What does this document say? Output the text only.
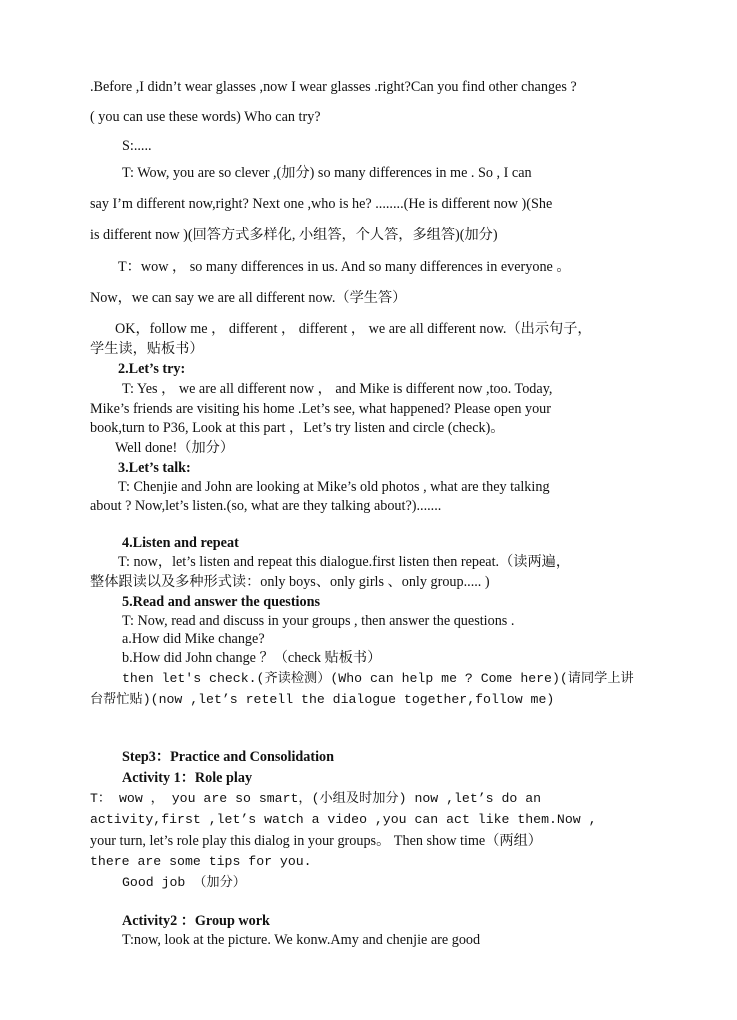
.Before ,I didn’t wear glasses ,now I wear glasses .right?Can you find other changes ?
( you can use these words) Who can try?
S:.....
T: Wow, you are so clever ,(加分) so many differences in me . So , I can
say I’m different now,right? Next one ,who is he? ........(He is different now )(She
is different now )(回答方式多样化, 小组答，个人答，多组答)(加分)
T：wow ， so many differences in us. And so many differences in everyone 。
Now，we can say we are all different now.（学生答）
OK，follow me ， different ， different ， we are all different now.（出示句子，
学生读，贴板书）
2.Let’s try:
T: Yes ， we are all different now ， and Mike is different now ,too. Today,
Mike’s friends are visiting his home .Let’s see, what happened? Please open your
book,turn to P36, Look at this part ，Let’s try listen and circle (check)。
Well done!（加分）
3.Let’s talk:
T: Chenjie and John are looking at Mike’s old photos , what are they talking
about ? Now,let’s listen.(so, what are they talking about?).......
4.Listen and repeat
T: now，let’s listen and repeat this dialogue.first listen then repeat.（读两遍，
整体跟读以及多种形式读：only boys、only girls 、only group..... )
5.Read and answer the questions
T: Now, read and discuss in your groups , then answer the questions .
a.How did Mike change?
b.How did John change ？（check 贴板书）
then let's check.(齐读检测）(Who can help me ? Come here)(请同学上讲
台帮忙贴)(now ,let’s retell the dialogue together,follow me)
Step3：Practice and Consolidation
Activity 1：Role play
T： wow ， you are so smart，(小组及时加分) now ,let’s do an
activity,first ,let’s watch a video ,you can act like them.Now ,
your turn, let’s role play this dialog in your groups。 Then show time（两组）
there are some tips for you.
Good job （加分）
Activity2 ：Group work
T:now, look at the picture. We konw.Amy and chenjie are good
